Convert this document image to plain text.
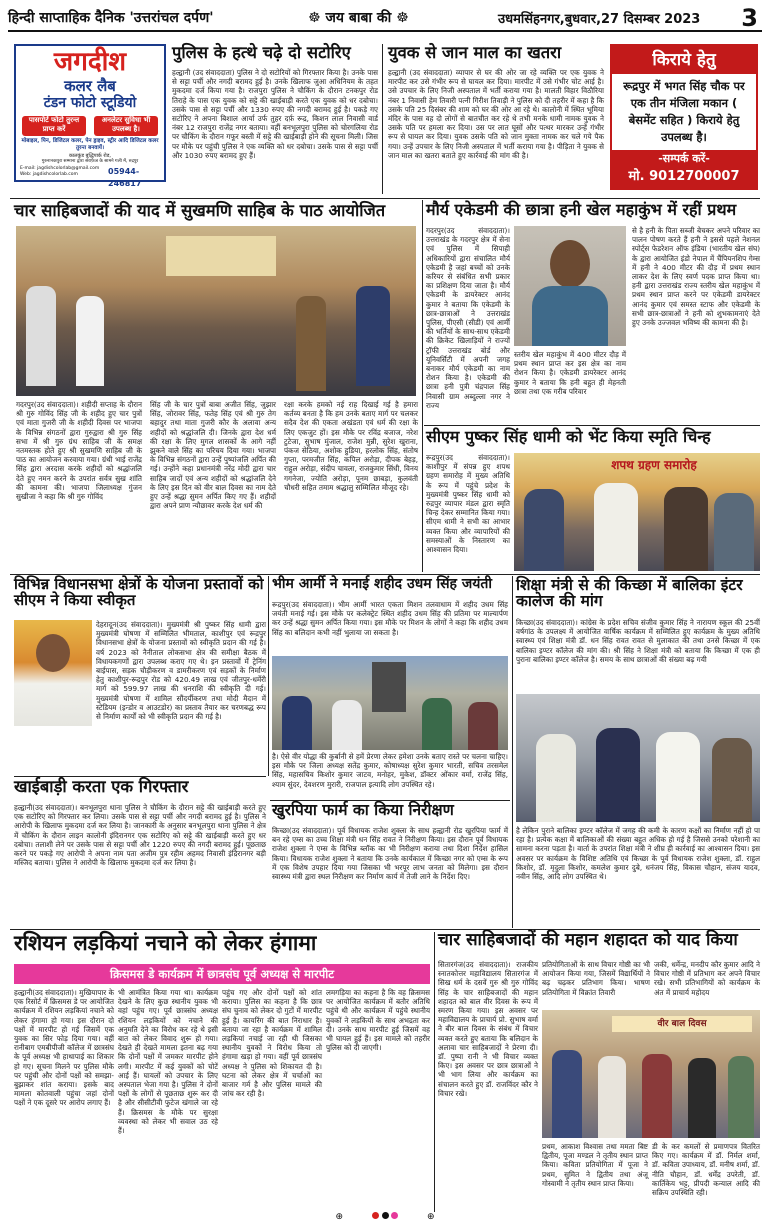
हिन्दी साप्ताहिक दैनिक 'उत्तरांचल दर्पण'	☸ जय बाबा की ☸	उधमसिंहनगर,बुधवार,27 दिसम्बर 2023 3
जगदीश
कलर लैब
टंडन फोटो स्टूडियो
पासपोर्ट फोटो तुरन्त प्राप्त करें
अनलेटर सुविधा भी उपलब्ध है।
मोबाइल, पिन, डिजिटल कलर, पेन ड्राइव, स्ट्रीर आदि डिजिटल कलर तुरन्त बनवायें।
कालकुंड बुद्धिपार्क रोड,
गुरुनानकपुरा सम्माना द्वारा सराफ़ेज के सामने गली में, रुद्रपुर
E-mail: jagdishcolorlab@gmail.com
Web: jagdishcolorlab.com	05944-246817
पुलिस के हत्थे चढ़े दो सटोरिए
हल्द्वानी (उद संवाददाता) पुलिस ने दो सटोरियों को गिरफ्तार किया है। उनके पास से सट्टा पर्ची और नगदी बरामद हुई है। उनके खिलाफ जुआ अधिनियम के तहत मुकदमा दर्ज किया गया है। राजपुरा पुलिस ने चौकिंग के दौरान टनकपुर रोड तिराहे के पास एक युवक को सट्टे की खाईबाड़ी करते एक युवक को धर दबोचा। उसके पास से सट्टा पर्ची और 1330 रुपए की नगदी बरामद हुई है। पकड़े गए सटोरिए ने अपना बिशाल आर्या उर्फ तुहर दर्फ़ रूद्र, किशन लाल निवासी वार्ड नंबर 12 राजपुरा राजेंद्र नगर बताया। वहीं बनभूलपुरा पुलिस को चोरगलिया रोड पर चौकिंग के दौरान गफूर बस्ती में सट्टे की खाईबाड़ी होने की सूचना मिली। जिस पर मौके पर पहुंची पुलिस ने एक व्यक्ति को धर दबोचा। उसके पास से सट्टा पर्ची और 1030 रुपए बरामद हुए हैं।
युवक से जान माल का खतरा
हल्द्वानी (उद संवाददाता) व्यापार से घर की ओर जा रहे व्यक्ति पर एक युवक ने मारपीट कर उसे गंभीर रूप से घायल कर दिया। मारपीट में उसे गंभीर चोट आई है। उसे उपचार के लिए निजी अस्पताल में भर्ती कराया गया है। मालती विहार विठौरिया नंबर 1 निवासी हेम तिवारी पत्नी गिरीश तिवाड़ी ने पुलिस को दी तहरीर में कहा है कि उसके पति 25 दिसंबर की शाम को घर की ओर आ रहे थे। कालोनी में स्थित भूमिया मंदिर के पास वह दो लोगों से बातचीत कर रहे थे तभी मनके धामी नामक युवक ने उसके पति पर हमला कर दिया। उस पर लात घूसों और पत्थर मारकर उन्हें गंभीर रूप से घायल कर दिया। युवक उसके पति को जान मुक्ता नामक कर चले गये पैक गया। उन्हें उपचार के लिए निजी अस्पताल में भर्ती कराया गया है। पीड़िता ने युवक से जान माल का खतरा बताते हुए कार्रवाई की मांग की है।
किराये हेतु
रूद्रपुर में भगत सिंह चौक पर एक तीन मंजिला मकान ( बेसमेंट सहित ) किराये हेतु उपलब्ध है।
-सम्पर्क करें-
मो. 9012700007
चार साहिबजादों की याद में सुखमणि साहिब के पाठ आयोजित
गदरपुर(उद संवाददाता)। शहीदी सप्ताह के दौरान श्री गुरु गोविंद सिंह जी के शहीद हुए चार पुत्रों एवं माता गुजरी जी के शहीदी दिवस पर भाजपा के विभिन्न संगठनों द्वारा गुरुद्वारा श्री गुरु सिंह सभा में श्री गुरु ग्रंथ साहिब जी के समक्ष नतमस्तक होते हुए श्री सुखमणि साहिब जी के पाठ का आयोजन करवाया गया। ग्रंथी भाई राजेंद्र सिंह द्वारा अरदास करके शहीदों को श्रद्धांजलि देते हुए नमन करने के उपरांत सर्वत्र सुख शांति की कामना की। भाजपा जिलाध्यक्ष गुंजन सुखीजा ने कहा कि श्री गुरु गोविंद
सिंह जी के चार पुत्रों बाबा अजीत सिंह, जुझार सिंह, जोरावर सिंह, फतेह सिंह एवं श्री गुरु तेग बहादुर तथा माता गुजरी कौर के अलावा अन्य शहीदों को श्रद्धांजलि दी। जिनके द्वारा देश धर्म की रक्षा के लिए मुगल शासकों के आगे नहीं झुकने वाले सिंह का परिचय दिया गया। भाजपा के विभिन्न संगठनों द्वारा उन्हें पुष्पांजलि अर्पित की गई। उन्होंने कहा प्रधानमंत्री नरेंद्र मोदी द्वारा चार साहिब जादों एवं अन्य शहीदों को श्रद्धांजलि देने के लिए इस दिन को वीर बाल दिवस का नाम देते हुए उन्हें श्रद्धा सुमन अर्पित किए गए हैं। शहीदों द्वारा अपने प्राण न्यौछावर करके देश धर्म की
रक्षा करके हमको नई राह दिखाई गई है हमारा कर्तव्य बनता है कि हम उनके बताए मार्ग पर चलकर सदैव देश की एकता अखंडता एवं धर्म की रक्षा के लिए एकजुट हों। इस मौके पर रविंद्र बजाज, नरेश टुटेजा, सुभाष मुंजाल, राजेश मुन्नी, सुरेश खुराना, पंकज सेठिया, अशोक हुडिया, हरलोक सिंह, संतोष गुप्ता, परमजीत सिंह, कपिल अरोड़ा, दीपक बेहड़, राहुल अरोड़ा, संदीप चावला, राजकुमार सिंधी, विनय गगनेजा, ज्योति अरोड़ा, पूनम छाबड़ा, कुलवंती चौधरी सहित तमाम श्रद्धालु सम्मिलित मौजूद रहे।
मौर्य एकेडमी की छात्रा हनी खेल महाकुंभ में रहीं प्रथम
गदरपुर(उद संवाददाता)। उत्तराखंड के गदरपुर क्षेत्र में सेना एवं पुलिस में सिपाही अधिकारियों द्वारा संचालित मौर्य एकेडमी है जहां बच्चों को उनके करियर से संबंधित सभी प्रकार का प्रशिक्षण दिया जाता है। मौर्य एकेडमी के डायरेक्टर आनंद कुमार ने बताया कि एकेडमी के छात्र-छात्राओं ने उत्तराखंड पुलिस, पीएसी (सीडी) एवं आर्मी की भर्तियों के साथ-साथ एकेडमी की क्रिकेट खिलाड़ियों ने राज्यों ट्रॉफी उत्तराखंड बोर्ड और यूनिवर्सिटी में अपनी जगह बनाकर मौर्य एकेडमी का नाम रोशन किया है। एकेडमी की छात्रा हनी पुत्री चंद्रपाल सिंह निवासी ग्राम अब्दुल्ला नगर ने राज्य
स्तरीय खेल महाकुंभ में 400 मीटर दौड़ में प्रथम स्थान प्राप्त कर इस क्षेत्र का नाम रोशन किया है। एकेडमी डायरेक्टर आनंद कुमार ने बताया कि हनी बहुत ही मेहनती छात्रा तथा एक गरीब परिवार
से है हनी के पिता सब्जी बेचकर अपने परिवार का पालन पोषण करते हैं हनी ने इससे पहले नेशनल स्पोर्ट्स फेडरेशन ऑफ इंडिया (भारतीय खेल संघ) के द्वारा आयोजित इंडो नेपाल में चैंपियनशिप गेम्स में हनी ने 400 मीटर की दौड़ में प्रथम स्थान लाकर देश के लिए स्वर्ण पदक प्राप्त किया था। हनी द्वारा उत्तराखंड राज्य स्तरीय खेल महाकुंभ में प्रथम स्थान प्राप्त करने पर एकेडमी डायरेक्टर आनंद कुमार एवं समस्त स्टाफ और एकेडमी के सभी छात्र-छात्राओं ने हनी को शुभकामनाएं देते हुए उनके उज्जवल भविष्य की कामना की है।
सीएम पुष्कर सिंह धामी को भेंट किया स्मृति चिन्ह
रूद्रपुर(उद संवाददाता)। काशीपुर में संपन्न हुए शपथ ग्रहण समारोह में मुख्य अतिथि के रूप में पहुंचे प्रदेश के मुख्यमंत्री पुष्कर सिंह धामी को रुद्रपुर व्यापार मंडल द्वारा स्मृति चिन्ह देकर सम्मानित किया गया। सीएम धामी ने सभी का आभार व्यक्त किया और व्यापारियों की समस्याओं के निस्तारण का आश्वासन दिया।
शपथ ग्रहण समारोह
विभिन्न विधानसभा क्षेत्रों के योजना प्रस्तावों को सीएम ने किया स्वीकृत
देहरादून(उद संवाददाता)। मुख्यमंत्री श्री पुष्कर सिंह धामी द्वारा मुख्यमंत्री घोषणा में सम्मिलित भीमताल, काशीपुर एवं रूद्रपुर विधानसभा क्षेत्रों के योजना प्रस्तावों को स्वीकृति प्रदान की गई है। वर्ष 2023 को नैनीताल लोकसभा क्षेत्र की समीक्षा बैठक में विधायकगणों द्वारा उपलब्ध कराए गए थे। इन प्रस्तावों में ट्रेनिंग बाईपास, सड़क चौड़ीकरण व डामरीकरण एवं सड़कों के निर्माण हेतु काशीपुर-रूद्रपुर रोड को 420.49 लाख एवं जीतपुर-धर्मेरी मार्ग को 599.97 लाख की धनराशि की स्वीकृति दी गई। मुख्यमंत्री घोषणा में शामिल सौंदर्यीकरण तथा मोदी मैदान में स्टेडियम (इन्डोर व आउटडोर) का प्रस्ताव तैयार कर चरणबद्ध रूप से निर्माण कार्यों को भी स्वीकृति प्रदान की गई है।
भीम आर्मी ने मनाई शहीद उधम सिंह जयंती
रूद्रपुर(उद संवाददाता)। भीम आर्मी भारत एकता मिशन तलवाधाम में शहीद उधम सिंह जयंती मनाई गई। इस मौके पर कलेक्ट्रेट स्थित शहीद उधम सिंह की प्रतिमा पर माल्यार्पण कर उन्हें श्रद्धा सुमन अर्पित किया गया। इस मौके पर मिशन के लोगों ने कहा कि शहीद उधम सिंह का बलिदान कभी नहीं भुलाया जा सकता है।
है। ऐसे वीर योद्धा की कुर्बानी से हमें प्रेरणा लेकर हमेशा उनके बताए रास्ते पर चलना चाहिए। इस मौके पर जिला अध्यक्ष सतेंद्र कुमार, कोषाध्यक्ष सुरेश कुमार भारती, सचिव तरसमेल सिंह, महासचिव किशोर कुमार जाटव, मनोहर, मुकेश, डॉक्टर ओंकार वर्मा, राजेंद्र सिंह, श्याम सुंदर, देवशरण मुरारी, राजपाल इत्यादि लोग उपस्थित रहे।
शिक्षा मंत्री से की किच्छा में बालिका इंटर कालेज की मांग
किच्छा(उद संवाददाता)। कांग्रेस के प्रदेश सचिव संजीव कुमार सिंह ने नारायण स्कूल की 25वीं वर्षगांठ के उपलक्ष्य में आयोजित वार्षिक कार्यक्रम में सम्मिलित हुए कार्यक्रम के मुख्य अतिथि स्वास्थ्य एवं शिक्षा मंत्री डॉ. धन सिंह रावत रावत से मुलाकात की तथा उनसे किच्छा में एक बालिका इण्टर कॉलेज की मांग की। श्री सिंह ने शिक्षा मंत्री को बताया कि किच्छा में एक ही पुराना बालिका इण्टर कॉलेज है। समय के साथ छात्राओं की संख्या बढ़ गयी
है लेकिन पुराने बालिका इण्टर कॉलेज में जगह की कमी के कारण कक्षों का निर्माण नहीं हो पा रहा है। प्रत्येक कक्षा में बालिकाओं की संख्या बहुत अधिक हो गई है जिससे उनको परेशानी का सामना करना पड़ता है। वार्ता के उपरांत शिक्षा मंत्री ने शीघ्र ही कार्रवाई का आश्वासन दिया। इस अवसर पर कार्यक्रम के विशिष्ट अतिथि एवं किच्छा के पूर्व विधायक राजेश शुक्ला, डॉ. राहुल किशोर, डॉ. मृदुला किशोर, कमलेश कुमार दुबे, धनंजय सिंह, विकास चौहान, संजय यादव, नवीन सिंह, आदि लोग उपस्थित थे।
खाईबाड़ी करता एक गिरफ्तार
हल्द्वानी(उद संवाददाता)। बनभूलपुरा थाना पुलिस ने चौकिंग के दौरान सट्टे की खाईबाड़ी करते हुए एक सटोरिए को गिरफ्तार कर लिया। उसके पास से सट्टा पर्ची और नगदी बरामद हुई है। पुलिस ने आरोपी के खिलाफ मुकदमा दर्ज कर लिया है। जानकारी के अनुसार बनभूलपुरा थाना पुलिस ने क्षेत्र में चौकिंग के दौरान लाइन कालोनी इंदिरानगर एक सटोरिए को सट्टे की खाईबाड़ी करते हुए धर दबोचा। तलाशी लेने पर उसके पास से सट्टा पर्ची और 1220 रुपए की नगदी बरामद हुई। पूछताछ करने पर पकड़े गए आरोपी ने अपना नाम पता अजीम पुत्र रहीम अहमद निवासी इंद्रिरानगर बड़ी मस्जिद बताया। पुलिस ने आरोपी के खिलाफ मुकदमा दर्ज कर लिया है।
खुरपिया फार्म का किया निरीक्षण
किच्छा(उद संवाददाता)। पूर्व विधायक राजेश शुक्ला के साथ हल्द्वानी रोड खुरपिया फार्म में बन रहे एम्स का उच्च शिक्षा मंत्री धन सिंह रावत ने निरीक्षण किया। इस दौरान पूर्व विधायक राजेश शुक्ला ने एम्स के विभिन्न ब्लॉक का भी निरीक्षण कराया तथा दिशा निर्देश हासिल किया। विधायक राजेश शुक्ला ने बताया कि उनके कार्यकाल में किच्छा नगर को एम्स के रूप में एक विशेष उपहार दिया गया जिसका भी भरपूर लाभ जनता को मिलेगा। इस दौरान स्वास्थ्य मंत्री द्वारा स्थल निरीक्षण कर निर्माण कार्य में तेजी लाने के निर्देश दिए।
रशियन लड़कियां नचाने को लेकर हंगामा
क्रिसमस डे कार्यक्रम में छात्रसंघ पूर्व अध्यक्ष से मारपीट
हल्द्वानी(उद संवाददाता)। मुखियापार के एक रिसोर्ट में क्रिसमस डे पर आयोजित कार्यक्रम में रशियन लड़कियां नचाने को लेकर हंगामा हो गया। इस दौरान दो पक्षों में मारपीट हो गई जिसमें एक युवक का सिर फोड़ दिया गया। वहीं रानीबाग एमबीपीजी कॉलेज में छात्रसंघ के पूर्व अध्यक्ष भी हाथापाई का शिकार हो गए। सूचना मिलने पर पुलिस मौके पर पहुंची और दोनों पक्षों को समझा-बुझाकर शांत कराया। इसके बाद मामला कोतवाली पहुंचा जहां दोनों पक्षों ने एक दूसरे पर आरोप लगाए हैं।
भी आमंत्रित किया गया था। कार्यक्रम देखने के लिए कुछ स्थानीय युवक भी वहां पहुंच गए। पूर्व छात्रसंघ अध्यक्ष रशियन लड़कियों को नचाने की अनुमति देने का विरोध कर रहे थे इसी बात को लेकर विवाद शुरू हो गया। देखते ही देखते मामला इतना बढ़ गया कि दोनों पक्षों में जमकर मारपीट होने लगी। मारपीट में कई युवकों को चोटें आई हैं। घायलों को उपचार के लिए अस्पताल भेजा गया है। पुलिस ने दोनों पक्षों के लोगों से पूछताछ शुरू कर दी है और सीसीटीवी फुटेज खंगाले जा रहे हैं। क्रिसमस के मौके पर सुरक्षा व्यवस्था को लेकर भी सवाल उठ रहे हैं।
पहुंच गए और दोनों पक्षों को शांत कराया। पुलिस का कहना है कि छात्र संघ चुनाव को लेकर दो गुटों में मारपीट हुई है। कायरिंग की बात निराधार है। बताया जा रहा है कार्यक्रम में शामिल लड़कियां नचाई जा रही थी जिसका स्थानीय युवकों ने विरोध किया तो हंगामा खड़ा हो गया। वहीं पूर्व छात्रसंघ अध्यक्ष ने पुलिस को शिकायत दी है। घटना को लेकर क्षेत्र में चर्चाओं का बाजार गर्म है और पुलिस मामले की जांच कर रही है।
लमगड़िया का कहना है कि वह क्रिसमस पर आयोजित कार्यक्रम में बतौर अतिथि पहुंचे थी और कार्यक्रम में पहुंचे स्थानीय युवकों ने लड़कियों के साथ अभद्रता कर दी। उनके साथ मारपीट हुई जिसमें वह भी घायल हुई हैं। इस मामले को तहरीर पुलिस को दी जाएगी।
चार साहिबजादों की महान शहादत को याद किया
सितारगंज(उद संवाददाता)। राजकीय स्नातकोत्तर महाविद्यालय सितारगंज में सिख धर्म के दसवें गुरु श्री गुरु गोविंद सिंह के चार साहिबजादों की महान शहादत को बाल वीर दिवस के रूप में स्मरण किया गया। इस अवसर पर महाविद्यालय के प्राचार्य प्रो. सुभाष वर्मा ने बीर बाल दिवस के संबंध में विचार व्यक्त करते हुए बताया कि बलिदान के अलावा चार साहिबजादों ने प्रेरणा दी। डॉ. पुष्पा रानी ने भी विचार व्यक्त किए। इस अवसर पर छात्र छात्राओं ने भी भाग लिया और कार्यक्रम का संचालन करते हुए डॉ. राजविंदर कौर ने विचार रखे।
प्रतियोगिताओं के साथ विचार गोष्ठी का भी आयोजन किया गया, जिसमें विद्यार्थियों ने बढ़ चढ़कर प्रतिभाग किया। भाषण प्रतियोगिता में विक्रांत तिवारी
जकी, धर्मेन्द्र, मनदीप कौर कुमार आदि ने विचार गोष्ठी में प्रतिभाग कर अपने विचार रखे। सभी प्रतिभागियों को कार्यक्रम के अंत में प्राचार्य महोदय
वीर बाल दिवस
प्रथम, आकाश विश्वास तथा ममता बिष्ट द्वितीय, पूजा मण्डल ने तृतीय स्थान प्राप्त किया। कविता प्रतियोगिता में पूजा ने प्रथम, सुमित ने द्वितीय तथा अंजू गोस्वामी ने तृतीय स्थान प्राप्त किया।
डी के कर कमलों से प्रमाणपत्र वितरित किए गए। कार्यक्रम में डॉ. निर्मल शर्मा, डॉ. कविता उपाध्याय, डॉ. मनीष शर्मा, डॉ. नीति चौहान, डॉ. धर्मेंद्र उपरेती, डॉ. कार्तिकेय भट्ट, प्रीपदी कन्याल आदि की सक्रिय उपस्थिति रही।
⊕	⊕
